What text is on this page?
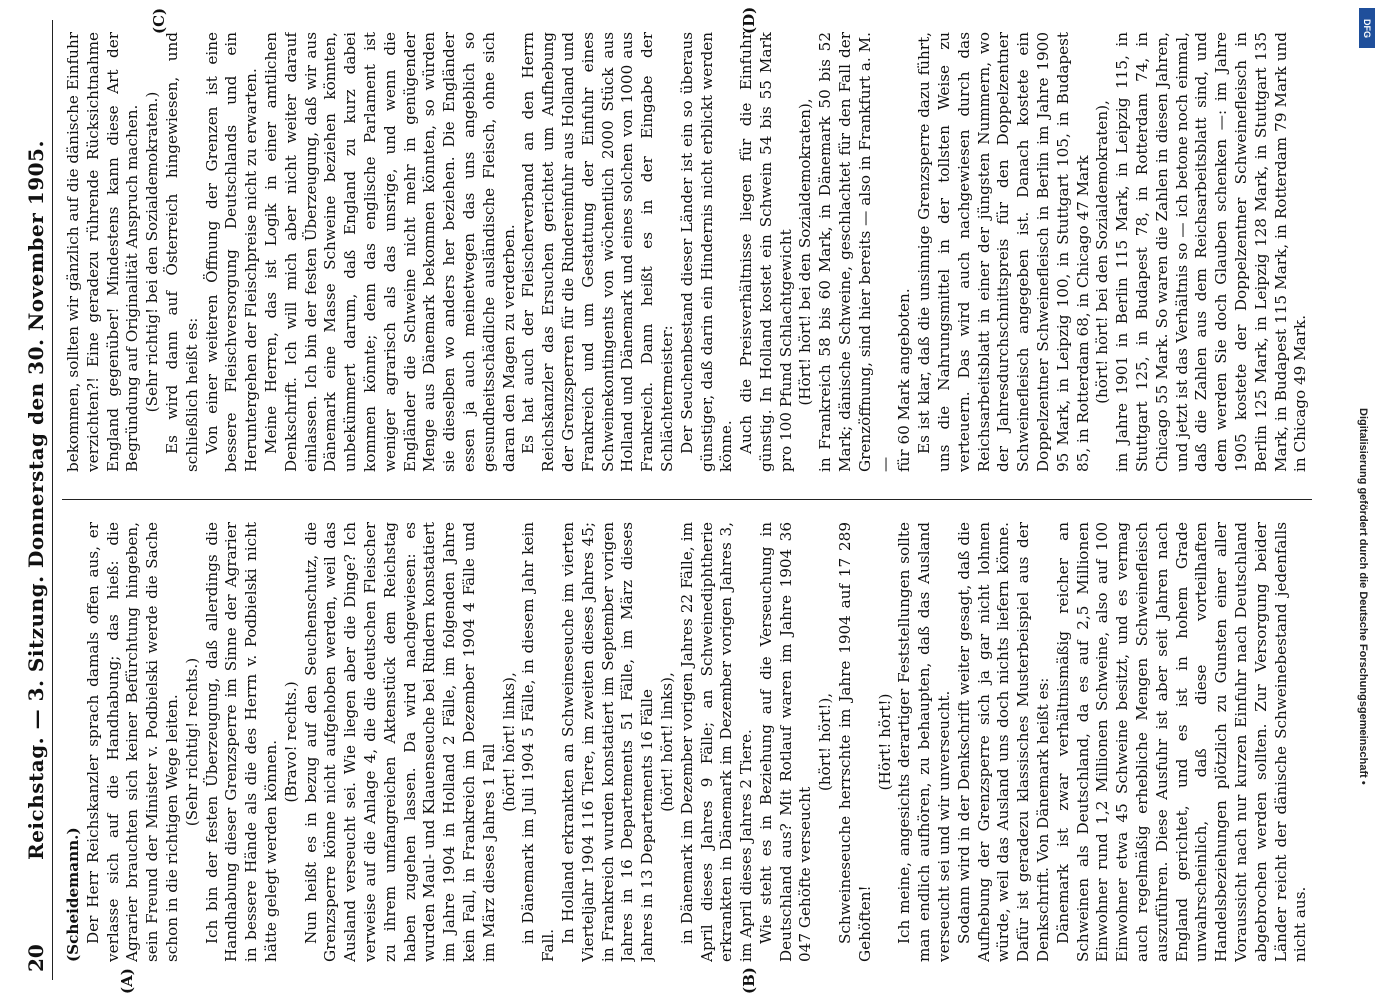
20
Reichstag. — 3. Sitzung. Donnerstag den 30. November 1905.
(A)	(B)
(C)	(D)

(Scheidemann.) Der Herr Reichskanzler sprach damals offen aus, er verlasse sich auf die Handhabung; das hieß: die Agrarier brauchten sich keiner Befürchtung hingeben, sein Freund der Minister v. Podbielski werde die Sache schon in die richtigen Wege leiten. (Sehr richtig! rechts.) Ich bin der festen Überzeugung, daß allerdings die Handhabung dieser Grenzsperre im Sinne der Agrarier in bessere Hände als die des Herrn v. Podbielski nicht hätte gelegt werden können. (Bravo! rechts.) Nun heißt es in bezug auf den Seuchenschutz, die Grenzsperre könne nicht aufgehoben werden, weil das Ausland verseucht sei. Wie liegen aber die Dinge? Ich verweise auf die Anlage 4, die die deutschen Fleischer zu ihrem umfangreichen Aktenstück dem Reichstag haben zugehen lassen. Da wird nachgewiesen: es wurden Maul- und Klauenseuche bei Rindern konstatiert im Jahre 1904 in Holland 2 Fälle, im folgenden Jahre kein Fall, in Frankreich im Dezember 1904 4 Fälle und im März dieses Jahres 1 Fall

(hört! hört! links), in Dänemark im Juli 1904 5 Fälle, in diesem Jahr kein Fall.

In Holland erkrankten an Schweineseuche im vierten Vierteljahr 1904 116 Tiere, im zweiten dieses Jahres 45; in Frankreich wurden konstatiert im September vorigen Jahres in 16 Departements 51 Fälle, im März dieses Jahres in 13 Departements 16 Fälle (hört! hört! links), in Dänemark im Dezember vorigen Jahres 22 Fälle, im April dieses Jahres 9 Fälle; an Schweinediphtherie erkrankten in Dänemark im Dezember vorigen Jahres 3, im April dieses Jahres 2 Tiere. Wie steht es in Beziehung auf die Verseuchung in Deutschland aus? Mit Rotlauf waren im Jahre 1904 36 047 Gehöfte verseucht

(hört! hört!), Schweineseuche herrschte im Jahre 1904 auf 17 289 Gehöften!

(Hört! hört!) Ich meine, angesichts derartiger Feststellungen sollte man endlich aufhören, zu behaupten, daß das Ausland verseucht sei und wir unverseucht. Sodann wird in der Denkschrift weiter gesagt, daß die Aufhebung der Grenzsperre sich ja gar nicht lohnen würde, weil das Ausland uns doch nichts liefern könne. Dafür ist geradezu klassisches Musterbeispiel aus der Denkschrift. Von Dänemark heißt es: Dänemark ist zwar verhältnismäßig reicher an Schweinen als Deutschland, da es auf 2,5 Millionen Einwohner rund 1,2 Millionen Schweine, also auf 100 Einwohner etwa 45 Schweine besitzt, und es vermag auch regelmäßig erhebliche Mengen Schweinefleisch auszuführen. Diese Ausfuhr ist aber seit Jahren nach England gerichtet, und es ist in hohem Grade unwahrscheinlich, daß diese vorteilhaften Handelsbeziehungen plötzlich zu Gunsten einer aller Voraussicht nach nur kurzen Einfuhr nach Deutschland abgebrochen werden sollten. Zur Versorgung beider Länder reicht der dänische Schweinebestand jedenfalls nicht aus.

bekommen, sollten wir gänzlich auf die dänische Einfuhr verzichten?! Eine geradezu rührende Rücksichtnahme England gegenüber! Mindestens kann diese Art der Begründung auf Originalität Anspruch machen. (Sehr richtig! bei den Sozialdemokraten.) Es wird dann auf Österreich hingewiesen, und schließlich heißt es: Von einer weiteren Öffnung der Grenzen ist eine bessere Fleischversorgung Deutschlands und ein Heruntergehen der Fleischpreise nicht zu erwarten. Meine Herren, das ist Logik in einer amtlichen Denkschrift. Ich will mich aber nicht weiter darauf einlassen. Ich bin der festen Überzeugung, daß wir aus Dänemark eine Masse Schweine beziehen könnten, unbekümmert darum, daß England zu kurz dabei kommen könnte; denn das englische Parlament ist weniger agrarisch als das unsrige, und wenn die Engländer die Schweine nicht mehr in genügender Menge aus Dänemark bekommen könnten, so würden sie dieselben wo anders her beziehen. Die Engländer essen ja auch meinetwegen das uns angeblich so gesundheitsschädliche ausländische Fleisch, ohne sich daran den Magen zu verderben. Es hat auch der Fleischerverband an den Herrn Reichskanzler das Ersuchen gerichtet um Aufhebung der Grenzsperren für die Rindereinfuhr aus Holland und Frankreich und um Gestattung der Einfuhr eines Schweinekontingents von wöchentlich 2000 Stück aus Holland und Dänemark und eines solchen von 1000 aus Frankreich. Dann heißt es in der Eingabe der Schlächtermeister: Der Seuchenbestand dieser Länder ist ein so überaus günstiger, daß darin ein Hindernis nicht erblickt werden könne. Auch die Preisverhältnisse liegen für die Einfuhr günstig. In Holland kostet ein Schwein 54 bis 55 Mark pro 100 Pfund Schlachtgewicht (Hört! hört! bei den Sozialdemokraten), in Frankreich 58 bis 60 Mark, in Dänemark 50 bis 52 Mark; dänische Schweine, geschlachtet für den Fall der Grenzöffnung, sind hier bereits — also in Frankfurt a. M. — für 60 Mark angeboten. Es ist klar, daß die unsinnige Grenzsperre dazu führt, uns die Nahrungsmittel in der tollsten Weise zu verteuern. Das wird auch nachgewiesen durch das Reichsarbeitsblatt in einer der jüngsten Nummern, wo der Jahresdurchschnittspreis für den Doppelzentner Schweinefleisch angegeben ist. Danach kostete ein Doppelzentner Schweinefleisch in Berlin im Jahre 1900 95 Mark, in Leipzig 100, in Stuttgart 105, in Budapest 85, in Rotterdam 68, in Chicago 47 Mark (hört! hört! bei den Sozialdemokraten), im Jahre 1901 in Berlin 115 Mark, in Leipzig 115, in Stuttgart 125, in Budapest 78, in Rotterdam 74, in Chicago 55 Mark. So waren die Zahlen in diesen Jahren, und jetzt ist das Verhältnis so — ich betone noch einmal, daß die Zahlen aus dem Reichsarbeitsblatt sind, und dem werden Sie doch Glauben schenken —: im Jahre 1905 kostete der Doppelzentner Schweinefleisch in Berlin 125 Mark, in Leipzig 128 Mark, in Stuttgart 135 Mark, in Budapest 115 Mark, in Rotterdam 79 Mark und in Chicago 49 Mark.

Digitalisierung gefördert durch die Deutsche Forschungsgemeinschaft •
DFG
